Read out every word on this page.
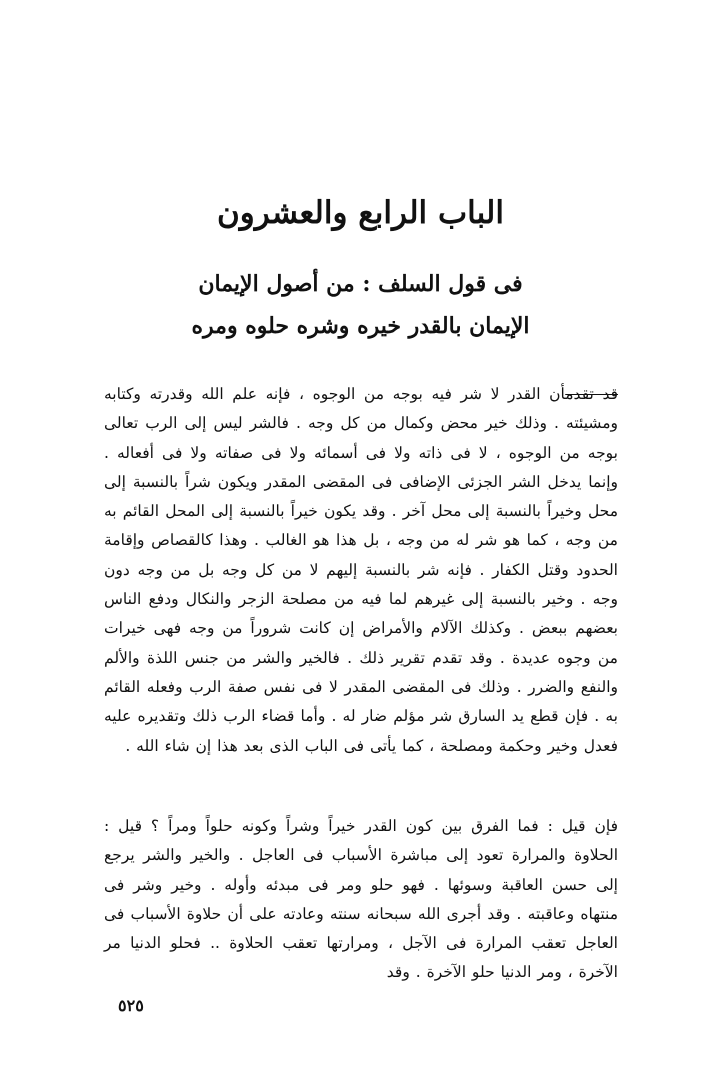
الباب الرابع والعشرون
فى قول السلف : من أصول الإيمان
الإيمان بالقدر خيره وشره حلوه ومره

قد تقدمأن القدر لا شر فيه بوجه من الوجوه ، فإنه علم الله وقدرته وكتابه ومشيئته . وذلك خير محض وكمال من كل وجه . فالشر ليس إلى الرب تعالى بوجه من الوجوه ، لا فى ذاته ولا فى أسمائه ولا فى صفاته ولا فى أفعاله . وإنما يدخل الشر الجزئى الإضافى فى المقضى المقدر ويكون شراً بالنسبة إلى محل وخيراً بالنسبة إلى محل آخر . وقد يكون خيراً بالنسبة إلى المحل القائم به من وجه ، كما هو شر له من وجه ، بل هذا هو الغالب . وهذا كالقصاص وإقامة الحدود وقتل الكفار . فإنه شر بالنسبة إليهم لا من كل وجه بل من وجه دون وجه . وخير بالنسبة إلى غيرهم لما فيه من مصلحة الزجر والنكال ودفع الناس بعضهم ببعض . وكذلك الآلام والأمراض إن كانت شروراً من وجه فهى خيرات من وجوه عديدة . وقد تقدم تقرير ذلك . فالخير والشر من جنس اللذة والألم والنفع والضرر . وذلك فى المقضى المقدر لا فى نفس صفة الرب وفعله القائم به . فإن قطع يد السارق شر مؤلم ضار له . وأما قضاء الرب ذلك وتقديره عليه فعدل وخير وحكمة ومصلحة ، كما يأتى فى الباب الذى بعد هذا إن شاء الله .

فإن قيل : فما الفرق بين كون القدر خيراً وشراً وكونه حلواً ومراً ؟ قيل : الحلاوة والمرارة تعود إلى مباشرة الأسباب فى العاجل . والخير والشر يرجع إلى حسن العاقبة وسوئها . فهو حلو ومر فى مبدئه وأوله . وخير وشر فى منتهاه وعاقبته . وقد أجرى الله سبحانه سنته وعادته على أن حلاوة الأسباب فى العاجل تعقب المرارة فى الآجل ، ومرارتها تعقب الحلاوة .. فحلو الدنيا مر الآخرة ، ومر الدنيا حلو الآخرة . وقد

٥٢٥
